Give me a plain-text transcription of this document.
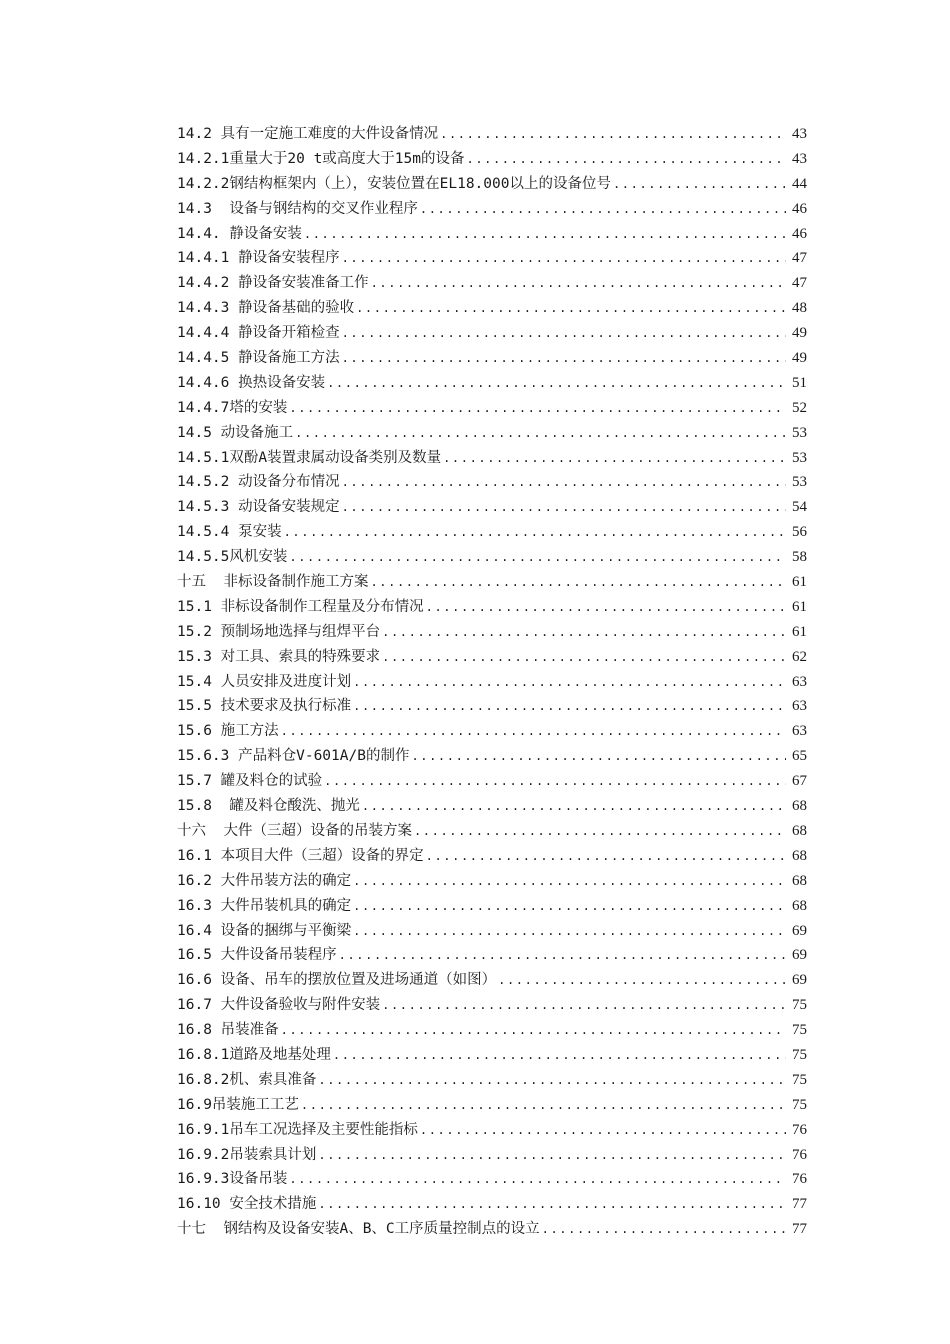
14.2 具有一定施工难度的大件设备情况 .....	43
14.2.1重量大于20 t或高度大于15m的设备 .....	43
14.2.2钢结构框架内（上），安装位置在EL18.000以上的设备位号 .....	44
14.3  设备与钢结构的交叉作业程序 .....	46
14.4. 静设备安装 .....	46
14.4.1 静设备安装程序 .....	47
14.4.2 静设备安装准备工作 .....	47
14.4.3 静设备基础的验收 .....	48
14.4.4 静设备开箱检查 .....	49
14.4.5 静设备施工方法 .....	49
14.4.6 换热设备安装 .....	51
14.4.7塔的安装 .....	52
14.5 动设备施工 .....	53
14.5.1双酚A装置隶属动设备类别及数量 .....	53
14.5.2 动设备分布情况 .....	53
14.5.3 动设备安装规定 .....	54
14.5.4 泵安装 .....	56
14.5.5风机安装 .....	58
十五  非标设备制作施工方案 .....	61
15.1 非标设备制作工程量及分布情况 .....	61
15.2 预制场地选择与组焊平台 .....	61
15.3 对工具、索具的特殊要求 .....	62
15.4 人员安排及进度计划 .....	63
15.5 技术要求及执行标准 .....	63
15.6 施工方法 .....	63
15.6.3 产品料仓V-601A/B的制作 .....	65
15.7 罐及料仓的试验 .....	67
15.8  罐及料仓酸洗、抛光 .....	68
十六  大件（三超）设备的吊装方案 .....	68
16.1 本项目大件（三超）设备的界定 .....	68
16.2 大件吊装方法的确定 .....	68
16.3 大件吊装机具的确定 .....	68
16.4 设备的捆绑与平衡梁 .....	69
16.5 大件设备吊装程序 .....	69
16.6 设备、吊车的摆放位置及进场通道（如图） .....	69
16.7 大件设备验收与附件安装 .....	75
16.8 吊装准备 .....	75
16.8.1道路及地基处理 .....	75
16.8.2机、索具准备 .....	75
16.9吊装施工工艺 .....	75
16.9.1吊车工况选择及主要性能指标 .....	76
16.9.2吊装索具计划 .....	76
16.9.3设备吊装 .....	76
16.10 安全技术措施 .....	77
十七  钢结构及设备安装A、B、C工序质量控制点的设立 .....	77
